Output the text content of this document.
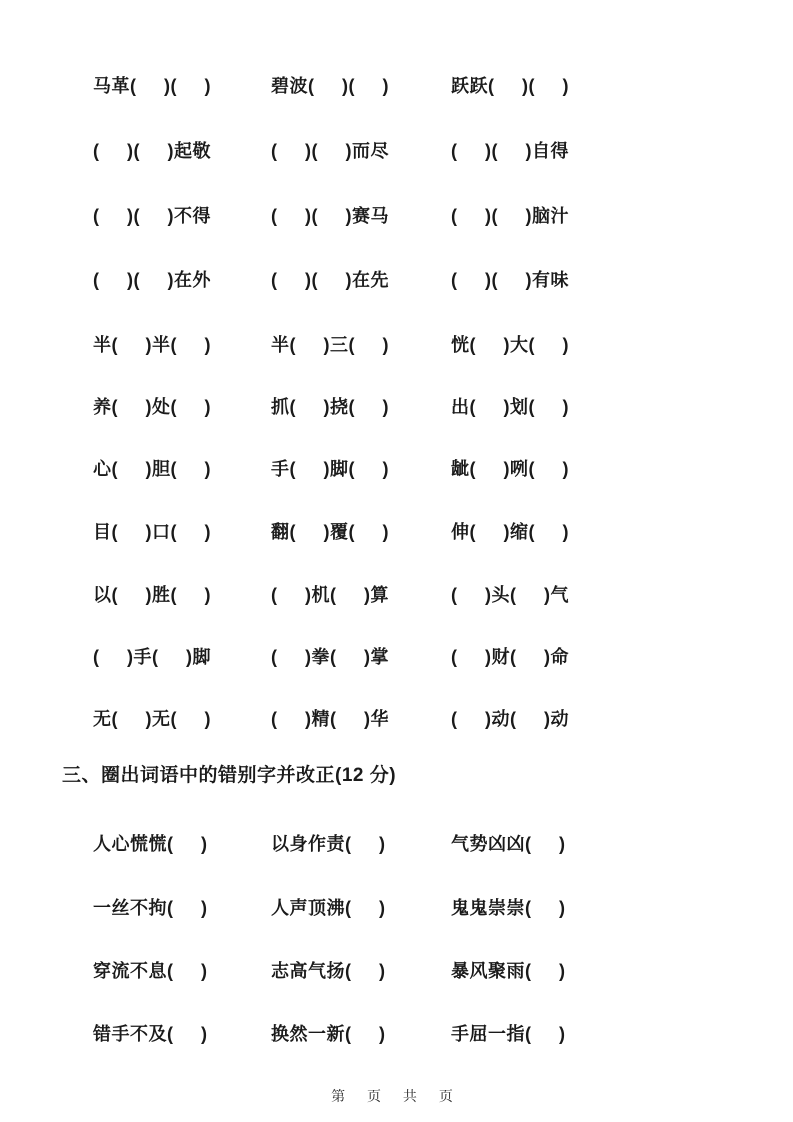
马革(     )(     )	碧波(     )(     )	跃跃(     )(     )
(     )(     )起敬	(     )(     )而尽	(     )(     )自得
(     )(     )不得	(     )(     )赛马	(     )(     )脑汁
(     )(     )在外	(     )(     )在先	(     )(     )有味
半(     )半(     )	半(     )三(     )	恍(     )大(     )
养(     )处(     )	抓(     )挠(     )	出(     )划(     )
心(     )胆(     )	手(     )脚(     )	龇(     )咧(     )
目(     )口(     )	翻(     )覆(     )	伸(     )缩(     )
以(     )胜(     )	(     )机(     )算	(     )头(     )气
(     )手(     )脚	(     )拳(     )掌	(     )财(     )命
无(     )无(     )	(     )精(     )华	(     )动(     )动
三、圈出词语中的错别字并改正(12 分)
人心慌慌(     )	以身作责(     )	气势凶凶(     )
一丝不拘(     )	人声顶沸(     )	鬼鬼崇崇(     )
穿流不息(     )	志高气扬(     )	暴风聚雨(     )
错手不及(     )	换然一新(     )	手屈一指(     )
第 页 共 页
